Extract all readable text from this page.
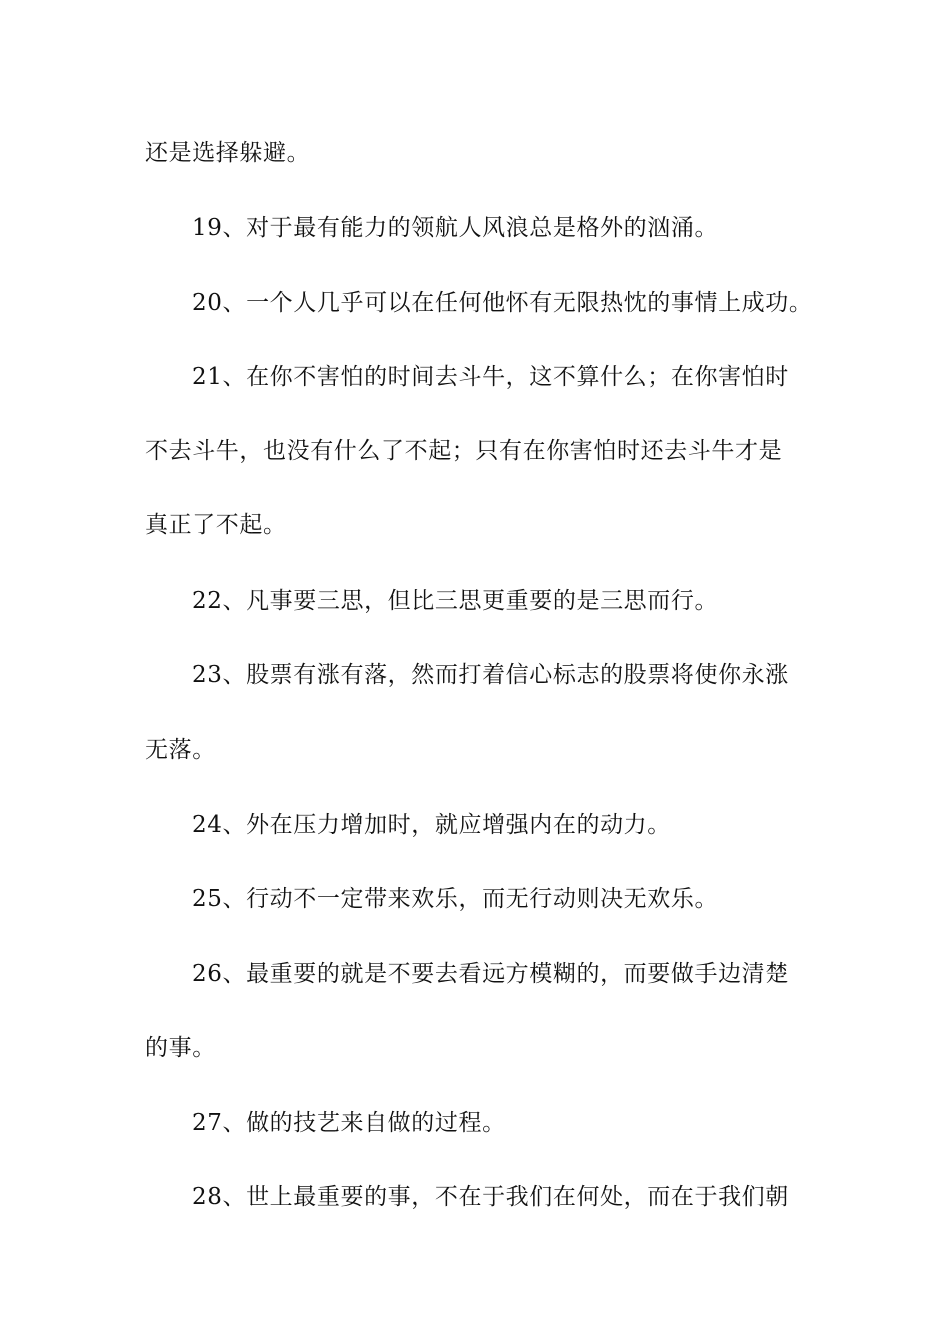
还是选择躲避。
19、对于最有能力的领航人风浪总是格外的汹涌。
20、一个人几乎可以在任何他怀有无限热忱的事情上成功。
21、在你不害怕的时间去斗牛，这不算什么；在你害怕时
不去斗牛，也没有什么了不起；只有在你害怕时还去斗牛才是
真正了不起。
22、凡事要三思，但比三思更重要的是三思而行。
23、股票有涨有落，然而打着信心标志的股票将使你永涨
无落。
24、外在压力增加时，就应增强内在的动力。
25、行动不一定带来欢乐，而无行动则决无欢乐。
26、最重要的就是不要去看远方模糊的，而要做手边清楚
的事。
27、做的技艺来自做的过程。
28、世上最重要的事，不在于我们在何处，而在于我们朝
